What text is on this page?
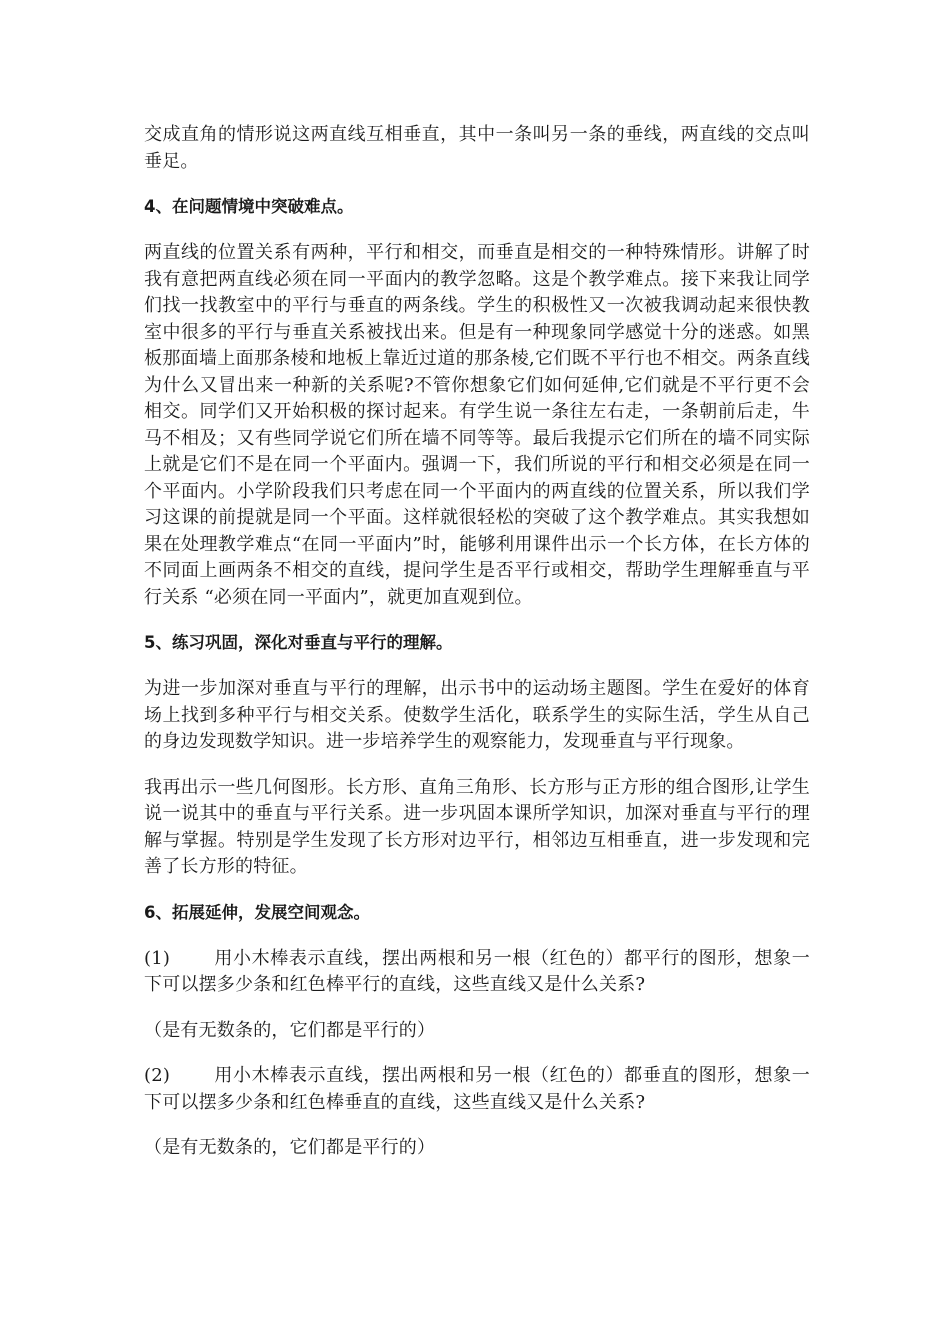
交成直角的情形说这两直线互相垂直，其中一条叫另一条的垂线，两直线的交点叫垂足。

4、在问题情境中突破难点。

两直线的位置关系有两种，平行和相交，而垂直是相交的一种特殊情形。讲解了时我有意把两直线必须在同一平面内的教学忽略。这是个教学难点。接下来我让同学们找一找教室中的平行与垂直的两条线。学生的积极性又一次被我调动起来很快教室中很多的平行与垂直关系被找出来。但是有一种现象同学感觉十分的迷惑。如黑板那面墙上面那条棱和地板上靠近过道的那条棱,它们既不平行也不相交。两条直线为什么又冒出来一种新的关系呢?不管你想象它们如何延伸,它们就是不平行更不会相交。同学们又开始积极的探讨起来。有学生说一条往左右走，一条朝前后走，牛马不相及；又有些同学说它们所在墙不同等等。最后我提示它们所在的墙不同实际上就是它们不是在同一个平面内。强调一下，我们所说的平行和相交必须是在同一个平面内。小学阶段我们只考虑在同一个平面内的两直线的位置关系，所以我们学习这课的前提就是同一个平面。这样就很轻松的突破了这个教学难点。其实我想如果在处理教学难点“在同一平面内”时，能够利用课件出示一个长方体，在长方体的不同面上画两条不相交的直线，提问学生是否平行或相交，帮助学生理解垂直与平行关系 “必须在同一平面内”，就更加直观到位。

5、练习巩固，深化对垂直与平行的理解。

为进一步加深对垂直与平行的理解，出示书中的运动场主题图。学生在爱好的体育场上找到多种平行与相交关系。使数学生活化，联系学生的实际生活，学生从自己的身边发现数学知识。进一步培养学生的观察能力，发现垂直与平行现象。

我再出示一些几何图形。长方形、直角三角形、长方形与正方形的组合图形,让学生说一说其中的垂直与平行关系。进一步巩固本课所学知识，加深对垂直与平行的理解与掌握。特别是学生发现了长方形对边平行，相邻边互相垂直，进一步发现和完善了长方形的特征。

6、拓展延伸，发展空间观念。

(1) 用小木棒表示直线，摆出两根和另一根（红色的）都平行的图形，想象一下可以摆多少条和红色棒平行的直线，这些直线又是什么关系?

（是有无数条的，它们都是平行的）

(2) 用小木棒表示直线，摆出两根和另一根（红色的）都垂直的图形，想象一下可以摆多少条和红色棒垂直的直线，这些直线又是什么关系?

（是有无数条的，它们都是平行的）
